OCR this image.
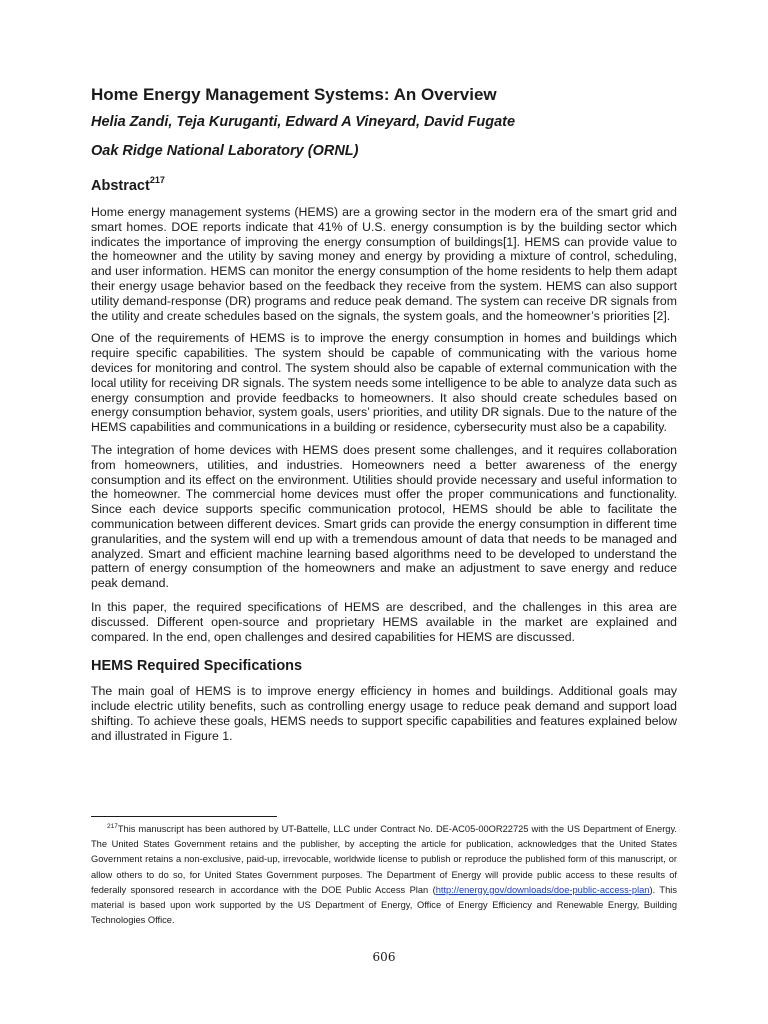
Home Energy Management Systems: An Overview

Helia Zandi, Teja Kuruganti, Edward A Vineyard, David Fugate

Oak Ridge National Laboratory (ORNL)

Abstract$^{217}$

Home energy management systems (HEMS) are a growing sector in the modern era of the smart grid and smart homes. DOE reports indicate that 41% of U.S. energy consumption is by the building sector which indicates the importance of improving the energy consumption of buildings[1]. HEMS can provide value to the homeowner and the utility by saving money and energy by providing a mixture of control, scheduling, and user information. HEMS can monitor the energy consumption of the home residents to help them adapt their energy usage behavior based on the feedback they receive from the system. HEMS can also support utility demand-response (DR) programs and reduce peak demand. The system can receive DR signals from the utility and create schedules based on the signals, the system goals, and the homeowner’s priorities [2].

One of the requirements of HEMS is to improve the energy consumption in homes and buildings which require specific capabilities. The system should be capable of communicating with the various home devices for monitoring and control. The system should also be capable of external communication with the local utility for receiving DR signals. The system needs some intelligence to be able to analyze data such as energy consumption and provide feedbacks to homeowners. It also should create schedules based on energy consumption behavior, system goals, users’ priorities, and utility DR signals. Due to the nature of the HEMS capabilities and communications in a building or residence, cybersecurity must also be a capability.

The integration of home devices with HEMS does present some challenges, and it requires collaboration from homeowners, utilities, and industries. Homeowners need a better awareness of the energy consumption and its effect on the environment. Utilities should provide necessary and useful information to the homeowner. The commercial home devices must offer the proper communications and functionality. Since each device supports specific communication protocol, HEMS should be able to facilitate the communication between different devices. Smart grids can provide the energy consumption in different time granularities, and the system will end up with a tremendous amount of data that needs to be managed and analyzed. Smart and efficient machine learning based algorithms need to be developed to understand the pattern of energy consumption of the homeowners and make an adjustment to save energy and reduce peak demand.

In this paper, the required specifications of HEMS are described, and the challenges in this area are discussed. Different open-source and proprietary HEMS available in the market are explained and compared. In the end, open challenges and desired capabilities for HEMS are discussed.

HEMS Required Specifications

The main goal of HEMS is to improve energy efficiency in homes and buildings. Additional goals may include electric utility benefits, such as controlling energy usage to reduce peak demand and support load shifting. To achieve these goals, HEMS needs to support specific capabilities and features explained below and illustrated in Figure 1.

$^{217}$This manuscript has been authored by UT-Battelle, LLC under Contract No. DE-AC05-00OR22725 with the US Department of Energy. The United States Government retains and the publisher, by accepting the article for publication, acknowledges that the United States Government retains a non-exclusive, paid-up, irrevocable, worldwide license to publish or reproduce the published form of this manuscript, or allow others to do so, for United States Government purposes. The Department of Energy will provide public access to these results of federally sponsored research in accordance with the DOE Public Access Plan (http://energy.gov/downloads/doe-public-access-plan). This material is based upon work supported by the US Department of Energy, Office of Energy Efficiency and Renewable Energy, Building Technologies Office.

606
